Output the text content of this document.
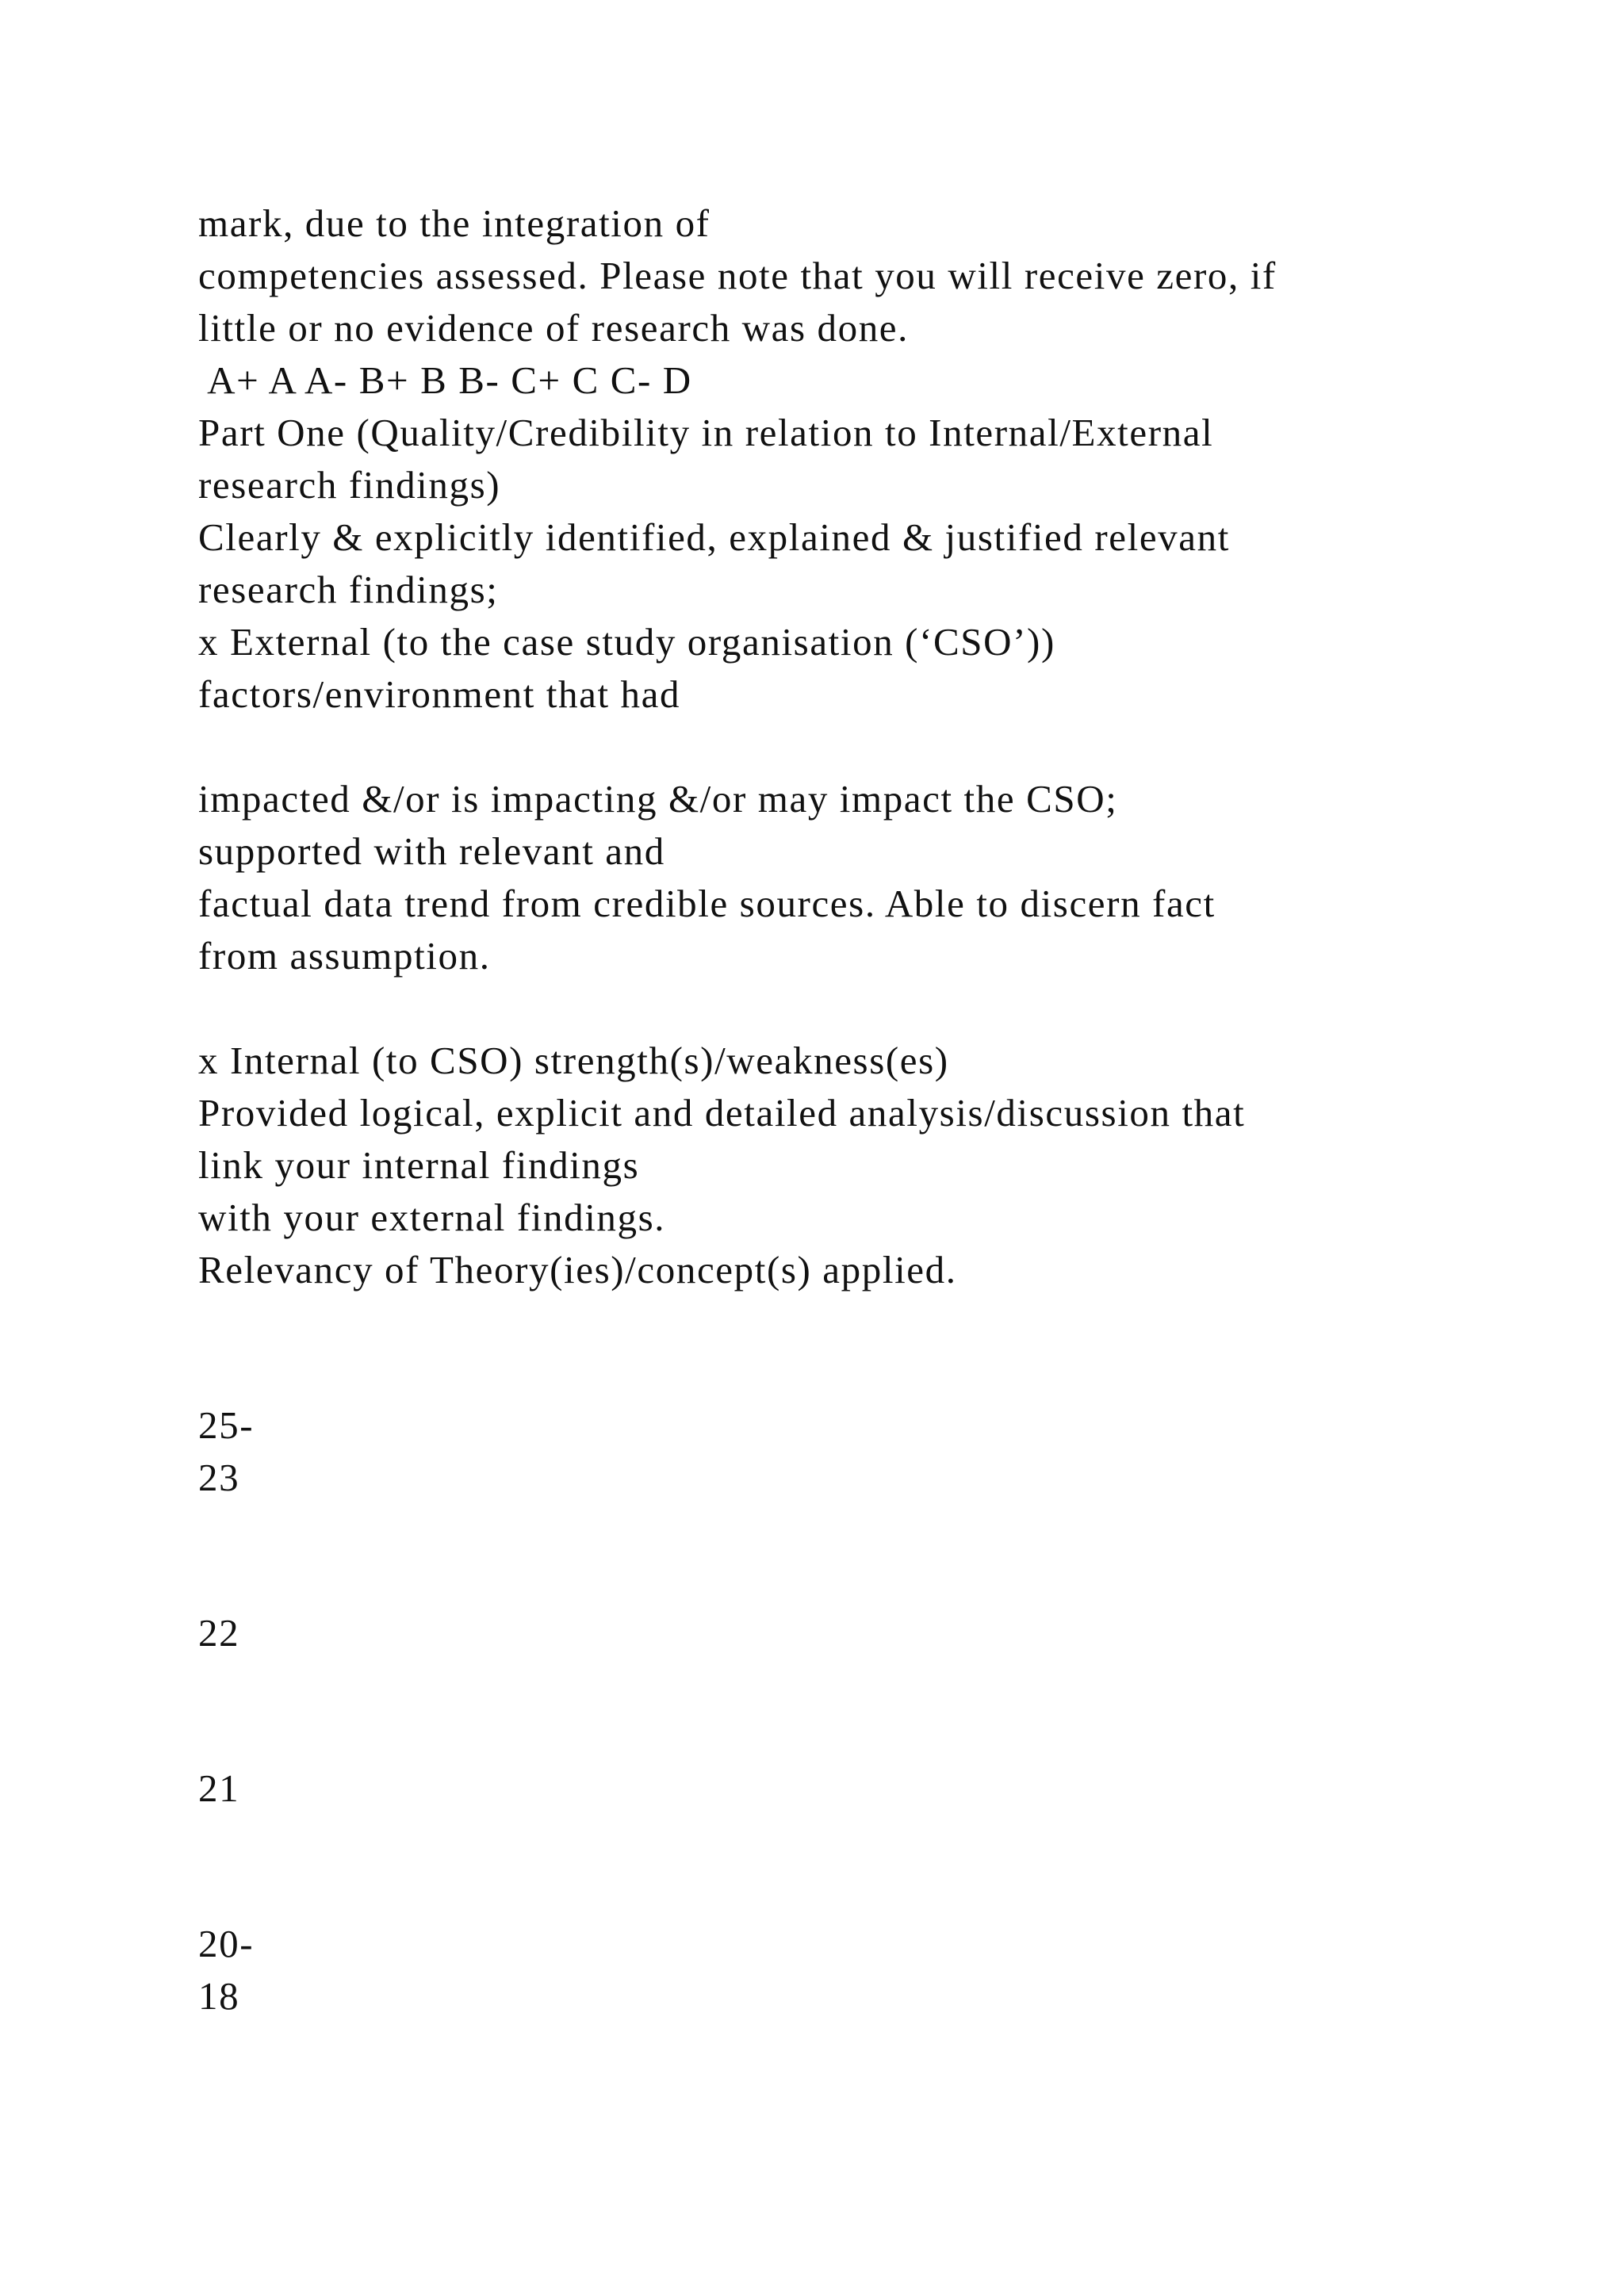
mark, due to the integration of

competencies assessed. Please note that you will receive zero, if

little or no evidence of research was done.

A+ A A- B+ B B- C+ C C- D

Part One (Quality/Credibility in relation to Internal/External

research findings)

Clearly & explicitly identified, explained & justified relevant

research findings;

x External (to the case study organisation (‘CSO’))

factors/environment that had

impacted &/or is impacting &/or may impact the CSO;

supported with relevant and

factual data trend from credible sources. Able to discern fact

from assumption.

x Internal (to CSO) strength(s)/weakness(es)

Provided logical, explicit and detailed analysis/discussion that

link your internal findings

with your external findings.

Relevancy of Theory(ies)/concept(s) applied.

25-

23

22

21

20-

18
